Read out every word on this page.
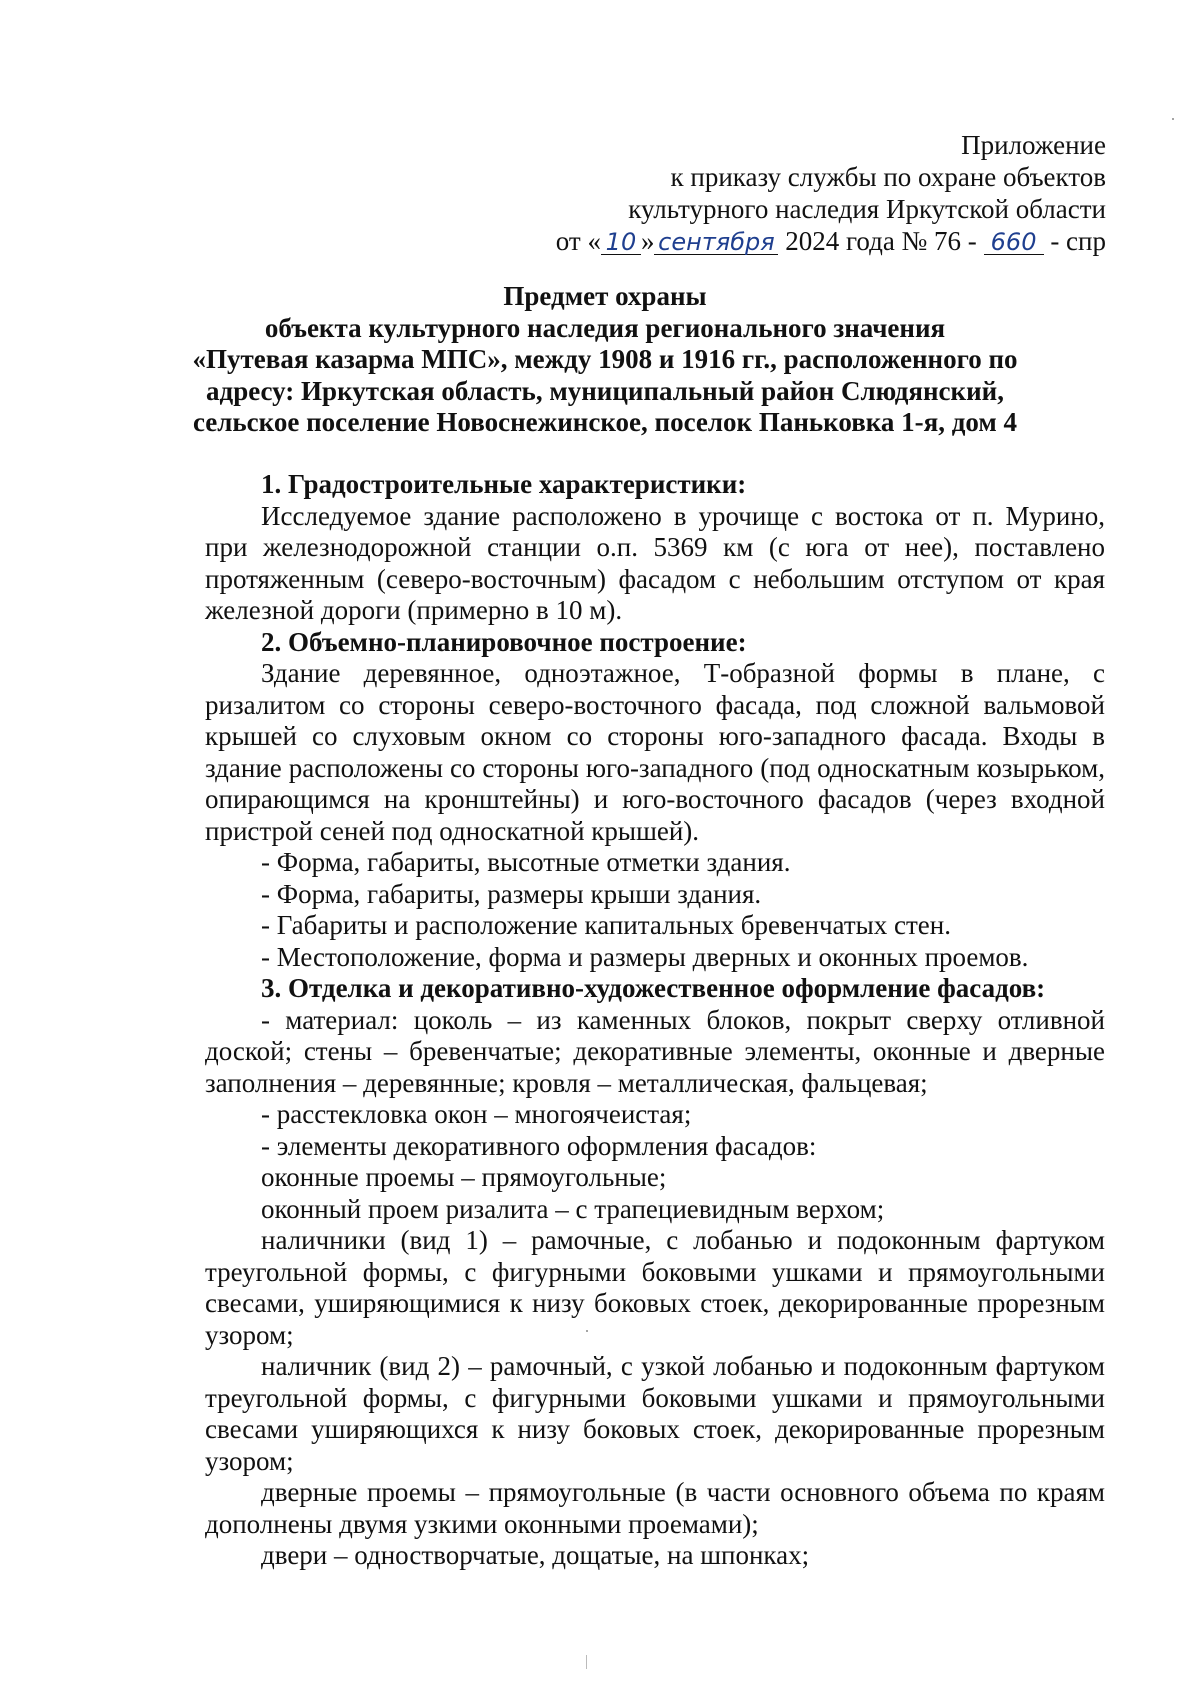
Приложение
к приказу службы по охране объектов
культурного наследия Иркутской области
от « 10 » сентября 2024 года № 76 - 660 - спр
Предмет охраны
объекта культурного наследия регионального значения
«Путевая казарма МПС», между 1908 и 1916 гг., расположенного по
адресу: Иркутская область, муниципальный район Слюдянский,
сельское поселение Новоснежинское, поселок Паньковка 1-я, дом 4

1. Градостроительные характеристики:

Исследуемое здание расположено в урочище с востока от п. Мурино, при железнодорожной станции о.п. 5369 км (с юга от нее), поставлено протяженным (северо-восточным) фасадом с небольшим отступом от края железной дороги (примерно в 10 м).

2. Объемно-планировочное построение:

Здание деревянное, одноэтажное, Т-образной формы в плане, с ризалитом со стороны северо-восточного фасада, под сложной вальмовой крышей со слуховым окном со стороны юго-западного фасада. Входы в здание расположены со стороны юго-западного (под односкатным козырьком, опирающимся на кронштейны) и юго-восточного фасадов (через входной пристрой сеней под односкатной крышей).

- Форма, габариты, высотные отметки здания.

- Форма, габариты, размеры крыши здания.

- Габариты и расположение капитальных бревенчатых стен.

- Местоположение, форма и размеры дверных и оконных проемов.

3. Отделка и декоративно-художественное оформление фасадов:

- материал: цоколь – из каменных блоков, покрыт сверху отливной доской; стены – бревенчатые; декоративные элементы, оконные и дверные заполнения – деревянные; кровля – металлическая, фальцевая;

- расстекловка окон – многоячеистая;

- элементы декоративного оформления фасадов:

оконные проемы – прямоугольные;

оконный проем ризалита – с трапециевидным верхом;

наличники (вид 1) – рамочные, с лобанью и подоконным фартуком треугольной формы, с фигурными боковыми ушками и прямоугольными свесами, уширяющимися к низу боковых стоек, декорированные прорезным узором;

наличник (вид 2) – рамочный, с узкой лобанью и подоконным фартуком треугольной формы, с фигурными боковыми ушками и прямоугольными свесами уширяющихся к низу боковых стоек, декорированные прорезным узором;

дверные проемы – прямоугольные (в части основного объема по краям дополнены двумя узкими оконными проемами);

двери – одностворчатые, дощатые, на шпонках;
